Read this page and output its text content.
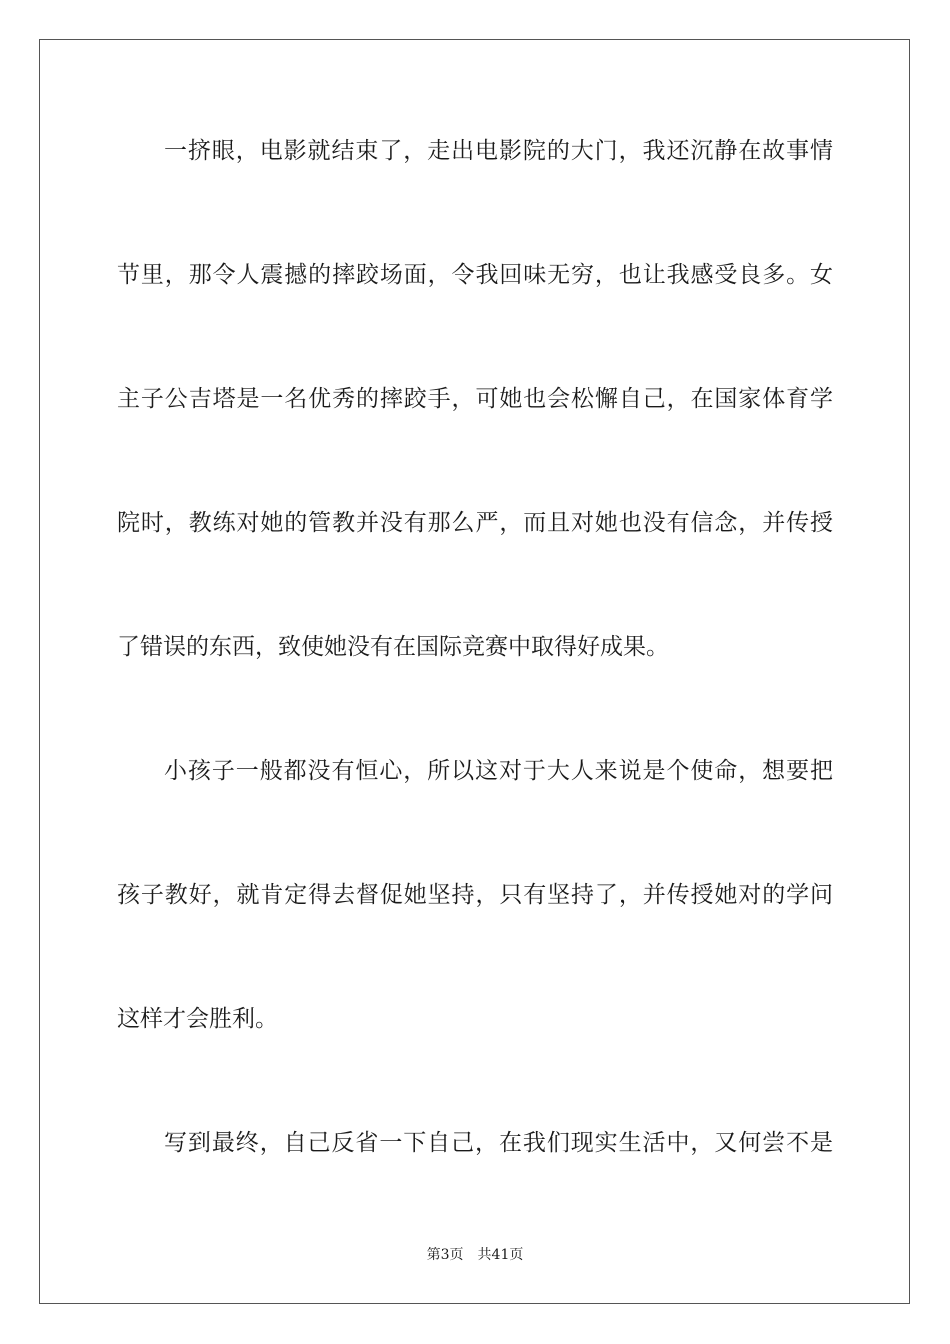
一挤眼，电影就结束了，走出电影院的大门，我还沉静在故事情
节里，那令人震撼的摔跤场面，令我回味无穷，也让我感受良多。女
主子公吉塔是一名优秀的摔跤手，可她也会松懈自己，在国家体育学
院时，教练对她的管教并没有那么严，而且对她也没有信念，并传授
了错误的东西，致使她没有在国际竞赛中取得好成果。
小孩子一般都没有恒心，所以这对于大人来说是个使命，想要把
孩子教好，就肯定得去督促她坚持，只有坚持了，并传授她对的学问
这样才会胜利。
写到最终，自己反省一下自己，在我们现实生活中，又何尝不是
第3页　共41页
